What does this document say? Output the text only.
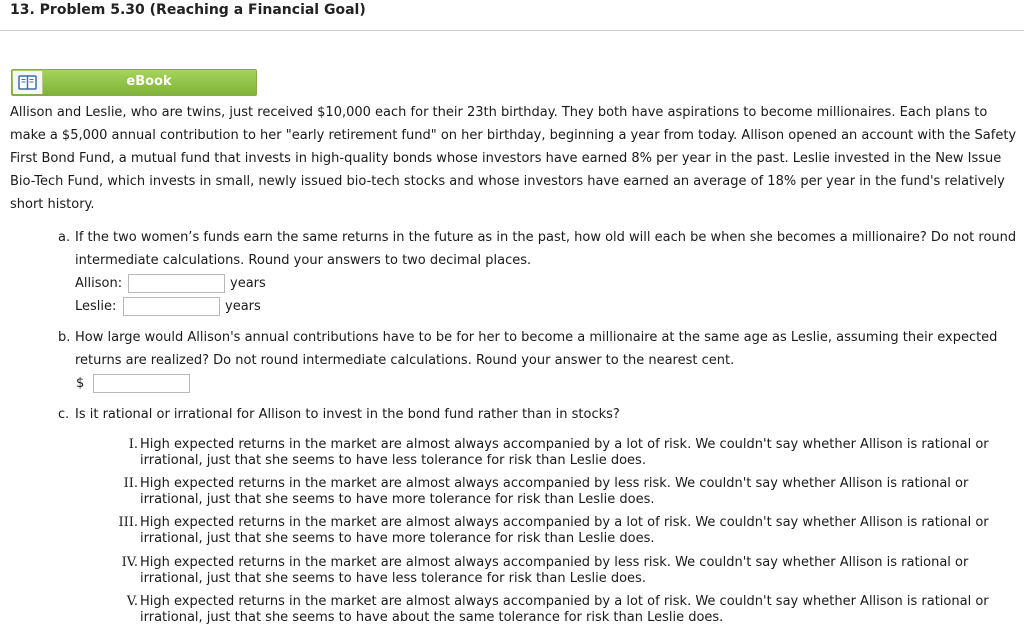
13. Problem 5.30 (Reaching a Financial Goal)
eBook
Allison and Leslie, who are twins, just received $10,000 each for their 23th birthday. They both have aspirations to become millionaires. Each plans to
make a $5,000 annual contribution to her "early retirement fund" on her birthday, beginning a year from today. Allison opened an account with the Safety
First Bond Fund, a mutual fund that invests in high-quality bonds whose investors have earned 8% per year in the past. Leslie invested in the New Issue
Bio-Tech Fund, which invests in small, newly issued bio-tech stocks and whose investors have earned an average of 18% per year in the fund's relatively
short history.
a. If the two women’s funds earn the same returns in the future as in the past, how old will each be when she becomes a millionaire? Do not round
intermediate calculations. Round your answers to two decimal places.
Allison:	years
Leslie:	years
b. How large would Allison's annual contributions have to be for her to become a millionaire at the same age as Leslie, assuming their expected
returns are realized? Do not round intermediate calculations. Round your answer to the nearest cent.
$
c. Is it rational or irrational for Allison to invest in the bond fund rather than in stocks?
I. High expected returns in the market are almost always accompanied by a lot of risk. We couldn't say whether Allison is rational or
irrational, just that she seems to have less tolerance for risk than Leslie does.
II. High expected returns in the market are almost always accompanied by less risk. We couldn't say whether Allison is rational or
irrational, just that she seems to have more tolerance for risk than Leslie does.
III. High expected returns in the market are almost always accompanied by a lot of risk. We couldn't say whether Allison is rational or
irrational, just that she seems to have more tolerance for risk than Leslie does.
IV. High expected returns in the market are almost always accompanied by less risk. We couldn't say whether Allison is rational or
irrational, just that she seems to have less tolerance for risk than Leslie does.
V. High expected returns in the market are almost always accompanied by a lot of risk. We couldn't say whether Allison is rational or
irrational, just that she seems to have about the same tolerance for risk than Leslie does.
